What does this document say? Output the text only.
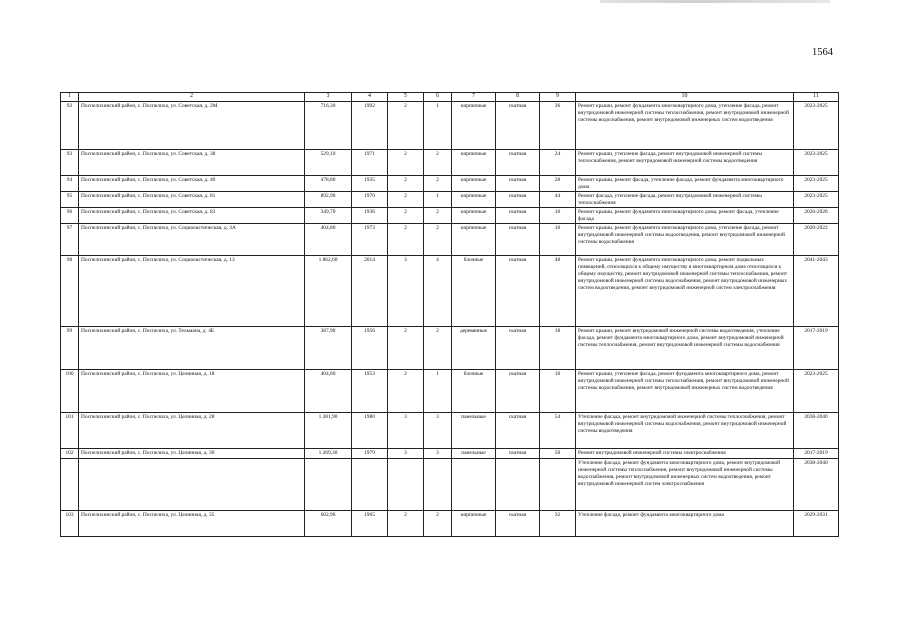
1564
1	2	3	4	5	6	7	8	9	10	11
92	Поспелихинский район, с. Поспелиха, ул. Советская, д. 2М	716,30	1992	2	1	кирпичные	скатная	36	Ремонт крыши, ремонт фундамента многоквартирного дома, утепление фасада, ремонт внутридомовой инженерной системы теплоснабжения, ремонт внутридомовой инженерной системы водоснабжения, ремонт внутридомовой инженерных систем водоотведения	2023-2025
93	Поспелихинский район, с. Поспелиха, ул. Советская, д. 38	529,10	1971	2	2	кирпичные	скатная	24	Ремонт крыши, утепление фасада, ремонт внутридомовой инженерной системы теплоснабжения, ремонт внутридомовой инженерной системы водоотведения	2023-2025
94	Поспелихинский район, с. Поспелиха, ул. Советская, д. 40	478,80	1935	2	2	кирпичные	скатная	28	Ремонт крыши, ремонт фасада, утепление фасада, ремонт фундамента многоквартирного дома	2023-2025
95	Поспелихинский район, с. Поспелиха, ул. Советская, д. 81	892,90	1970	2	1	кирпичные	скатная	44	Ремонт фасада, утепление фасада, ремонт внутридомовой инженерной системы теплоснабжения	2023-2025
96	Поспелихинский район, с. Поспелиха, ул. Советская, д. 83	349,70	1936	2	2	кирпичные	скатная	16	Ремонт крыши, ремонт фундамента многоквартирного дома, ремонт фасада, утепление фасада	2026-2028
97	Поспелихинский район, с. Поспелиха, ул. Социалистическая, д. 3А	404,80	1973	2	2	кирпичные	скатная	16	Ремонт крыши, ремонт фундамента многоквартирного дома, утепление фасада, ремонт внутридомовой инженерной системы водоотведения, ремонт внутридомовой инженерной системы водоснабжения	2020-2022
98	Поспелихинский район, с. Поспелиха, ул. Социалистическая, д. 13	1 862,60	2014	3	4	блочные	скатная	48	Ремонт крыши, ремонт фундамента многоквартирного дома, ремонт подвальных помещений, относящихся к общему имуществу в многоквартирном доме относящихся к общему имуществу, ремонт внутридомовой инженерной системы теплоснабжения, ремонт внутридомовой инженерной системы водоснабжения, ремонт внутридомовой инженерных систем водоотведения, ремонт внутридомовой инженерной систем электроснабжения	2041-2043
99	Поспелихинский район, с. Поспелиха, ул. Тельмана, д. 4Б	387,90	1956	2	2	деревянные	скатная	18	Ремонт крыши, ремонт внутридомовой инженерной системы водоотведения, утепление фасада, ремонт фундамента многоквартирного дома, ремонт внутридомовой инженерной системы теплоснабжения, ремонт внутридомовой инженерной системы водоснабжения	2017-2019
100	Поспелихинский район, с. Поспелиха, ул. Целинная, д. 18	404,60	1953	2	1	блочные	скатная	16	Ремонт крыши, утепление фасада, ремонт фундамента многоквартирного дома, ремонт внутридомовой инженерной системы теплоснабжения, ремонт внутридомовой инженерной системы водоснабжения, ремонт внутридомовой инженерных систем водоотведения	2023-2025
101	Поспелихинский район, с. Поспелиха, ул. Целинная, д. 28	1 281,90	1980	3	3	панельные	скатная	54	Утепление фасада, ремонт внутридомовой инженерной системы теплоснабжения, ремонт внутридомовой инженерной системы водоснабжения, ремонт внутридомовой инженерной системы водоотведения	2038-2040
102	Поспелихинский район, с. Поспелиха, ул. Целинная, д. 30	1 269,30	1979	3	3	панельные	скатная	50	Ремонт внутридомовой инженерной системы электроснабжения	2017-2019
									Утепление фасада, ремонт фундамента многоквартирного дома, ремонт внутридомовой инженерной системы теплоснабжения, ремонт внутридомовой инженерной системы водоснабжения, ремонт внутридомовой инженерных систем водоотведения, ремонт внутридомовой инженерной систем электроснабжения	2038-2040
103	Поспелихинский район, с. Поспелиха, ул. Целинная, д. 35	602,96	1965	2	2	кирпичные	скатная	32	Утепление фасада, ремонт фундамента многоквартирного дома	2029-2031
